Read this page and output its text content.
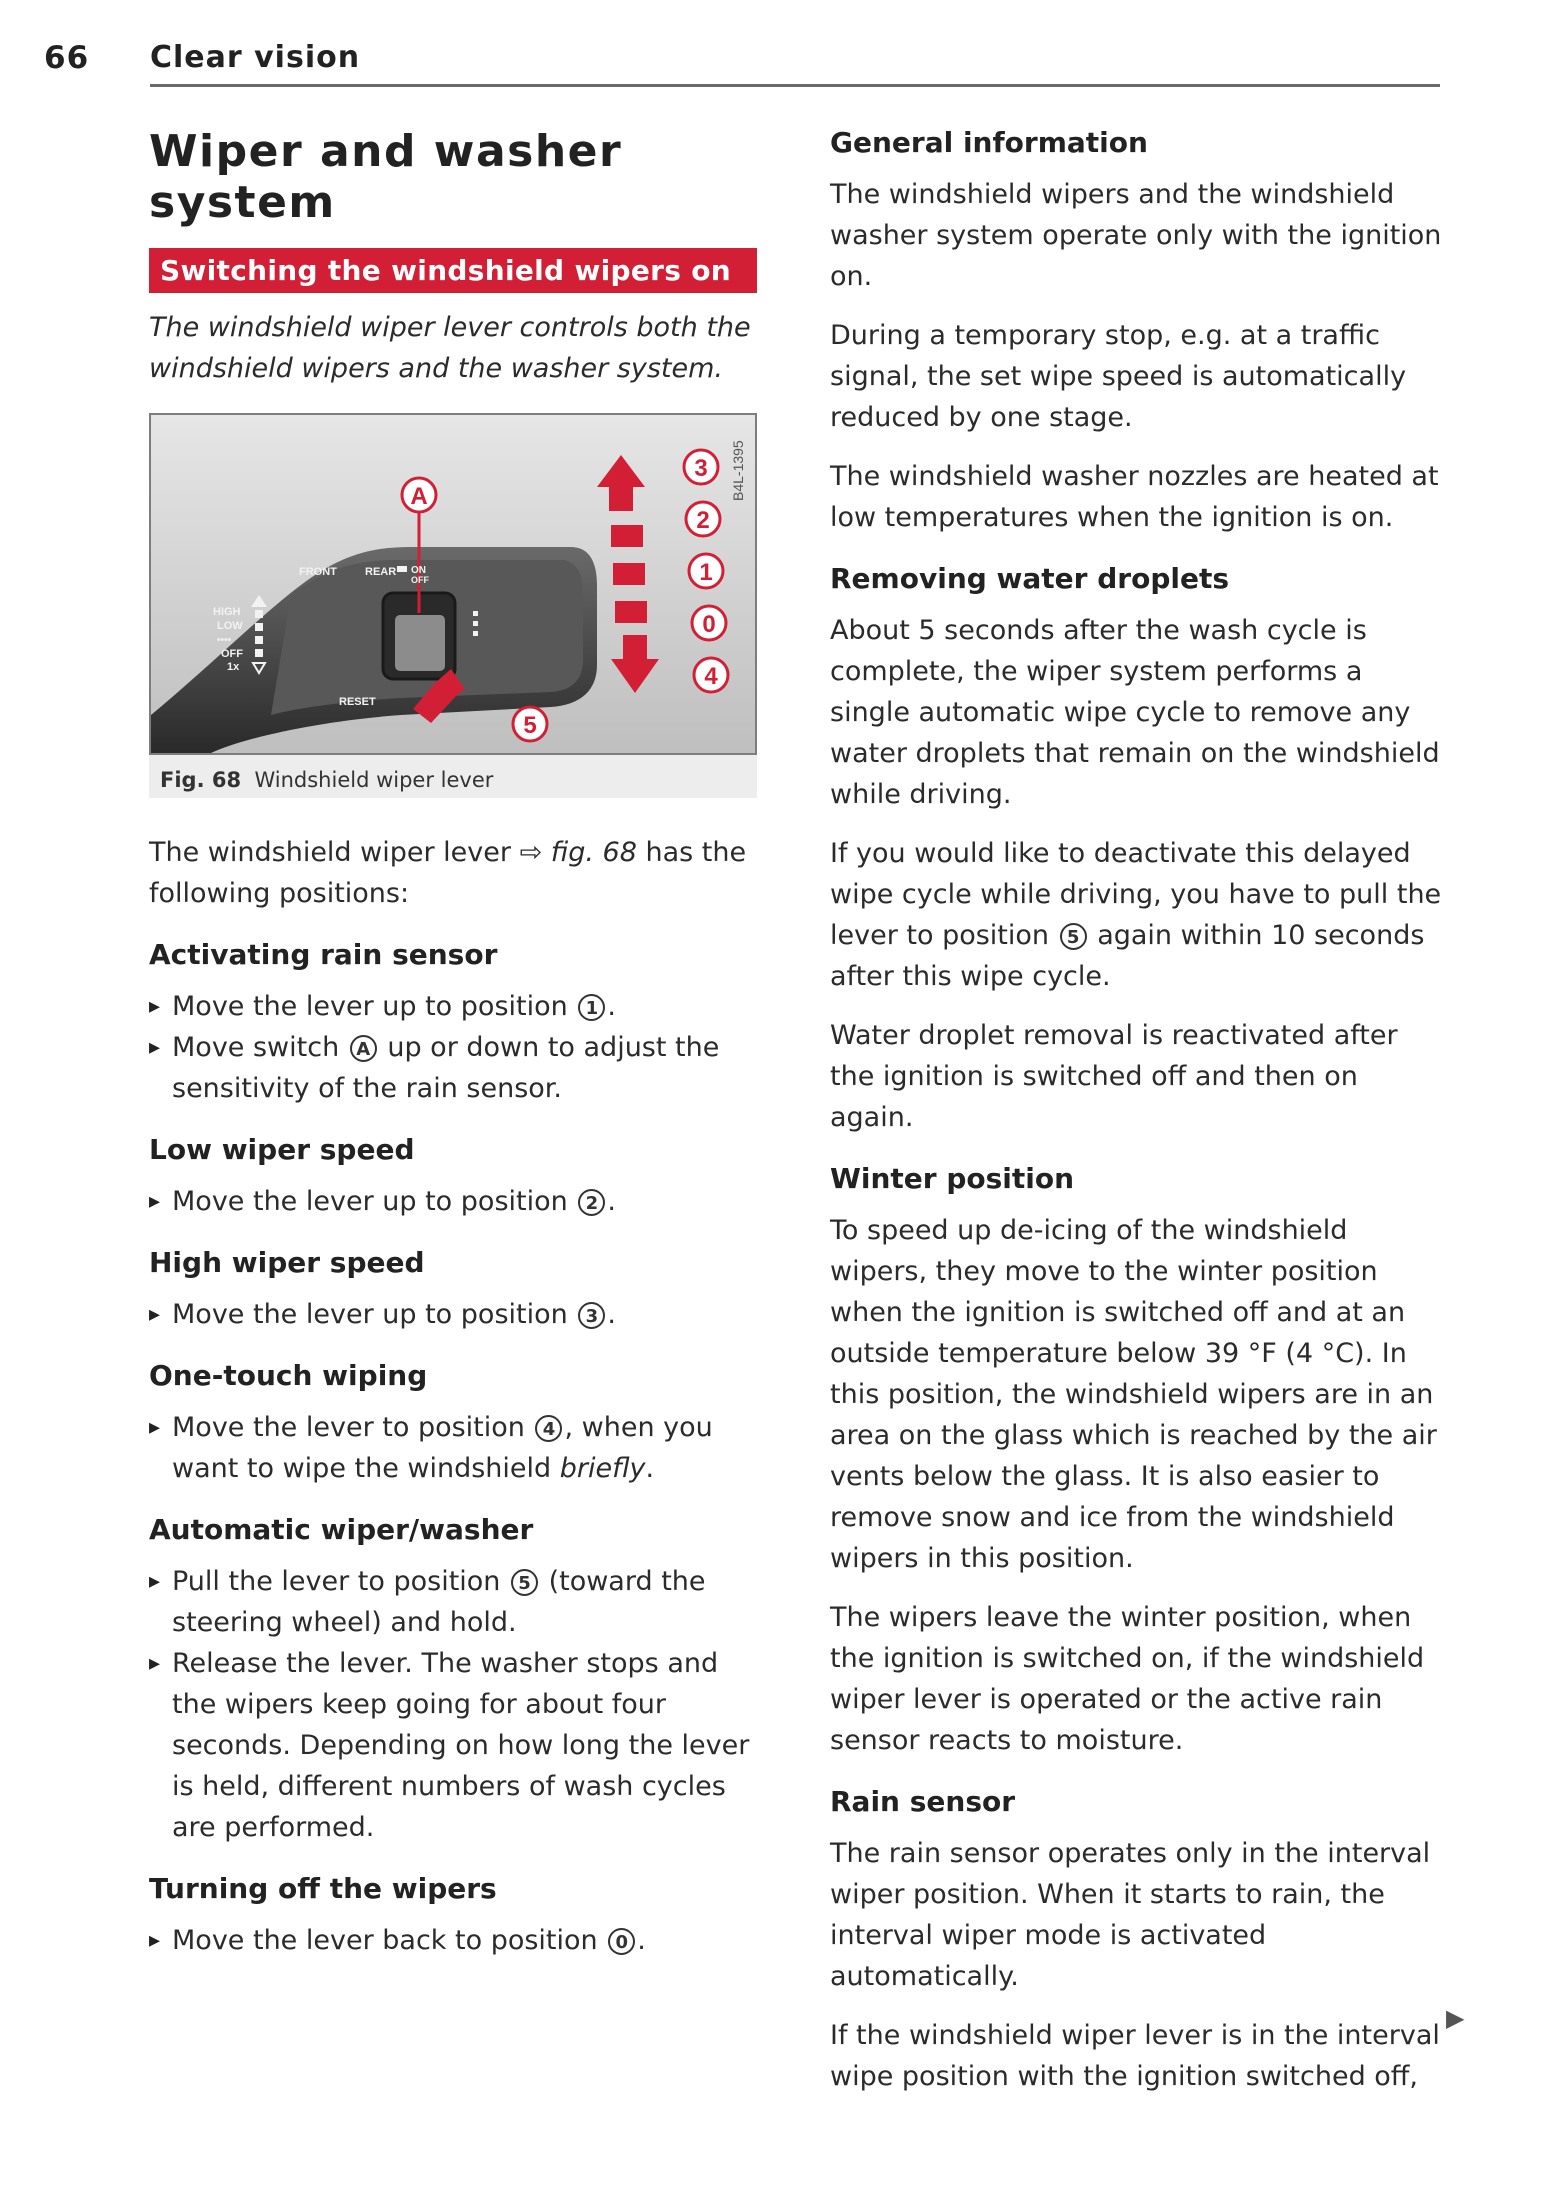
66 Clear vision
Wiper and washer
system
Switching the windshield wipers on
The windshield wiper lever controls both the windshield wipers and the washer system.
FRONT	REAR ON
OFF
HIGH
LOW
••••
OFF
1x
RESET
A
3
2
1
0
4
5
B4L-1395
Fig. 68 Windshield wiper lever

The windshield wiper lever ⇨ fig. 68 has the following positions:

Activating rain sensor
▸ Move the lever up to position 1 .
▸ Move switch A up or down to adjust the sensitivity of the rain sensor.
Low wiper speed
▸ Move the lever up to position 2 .
High wiper speed
▸ Move the lever up to position 3 .
One-touch wiping
▸ Move the lever to position 4 , when you want to wipe the windshield briefly.
Automatic wiper/washer
▸ Pull the lever to position 5 (toward the steering wheel) and hold.
▸ Release the lever. The washer stops and the wipers keep going for about four seconds. Depending on how long the lever is held, different numbers of wash cycles are performed.
Turning off the wipers
▸ Move the lever back to position 0 .
General information

The windshield wipers and the windshield washer system operate only with the ignition on.

During a temporary stop, e.g. at a traffic signal, the set wipe speed is automatically reduced by one stage.

The windshield washer nozzles are heated at low temperatures when the ignition is on.

Removing water droplets

About 5 seconds after the wash cycle is complete, the wiper system performs a single automatic wipe cycle to remove any water droplets that remain on the windshield while driving.

If you would like to deactivate this delayed wipe cycle while driving, you have to pull the lever to position 5 again within 10 seconds after this wipe cycle.

Water droplet removal is reactivated after the ignition is switched off and then on again.

Winter position

To speed up de-icing of the windshield wipers, they move to the winter position when the ignition is switched off and at an outside temperature below 39 °F (4 °C). In this position, the windshield wipers are in an area on the glass which is reached by the air vents below the glass. It is also easier to remove snow and ice from the windshield wipers in this position.

The wipers leave the winter position, when the ignition is switched on, if the windshield wiper lever is operated or the active rain sensor reacts to moisture.

Rain sensor

The rain sensor operates only in the interval wiper position. When it starts to rain, the interval wiper mode is activated automatically.

If the windshield wiper lever is in the interval wipe position with the ignition switched off,

▶
